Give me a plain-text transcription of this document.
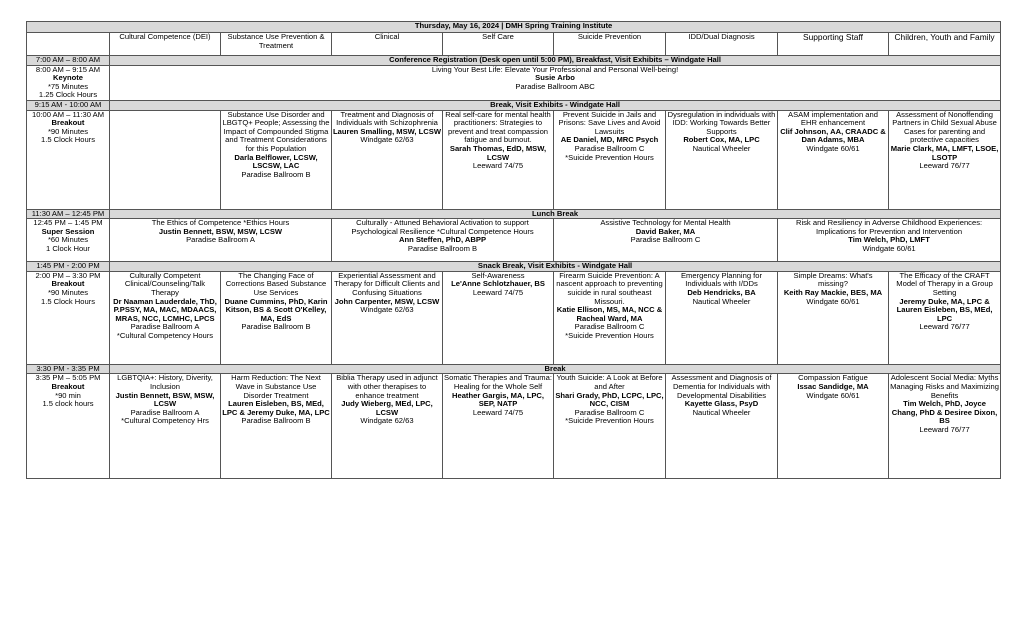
Thursday, May 16, 2024 | DMH Spring Training Institute								
	Cultural Competence (DEI)	Substance Use Prevention & Treatment	Clinical	Self Care	Suicide Prevention	IDD/Dual Diagnosis	Supporting Staff	Children, Youth and Family
7:00 AM – 8:00 AM	Conference Registration (Desk open until 5:00 PM), Breakfast, Visit Exhibits – Windgate Hall							

8:00 AM – 9:15 AM
Keynote
*75 Minutes
1.25 Clock Hours	Living Your Best Life: Elevate Your Professional and Personal Well-being!
Susie Arbo
Paradise Ballroom ABC							

9:15 AM - 10:00 AM	Break, Visit Exhibits - Windgate Hall							

10:00 AM – 11:30 AM
Breakout
*90 Minutes
1.5 Clock Hours		Substance Use Disorder and LBGTQ+ People; Assessing the Impact of Compounded Stigma and Treatment Considerations for this Population
Darla Belflower, LCSW, LSCSW, LAC
Paradise Ballroom B	Treatment and Diagnosis of Individuals with Schizophrenia
Lauren Smalling, MSW, LCSW
Windgate 62/63	Real self-care for mental health practitioners: Strategies to prevent and treat compassion fatigue and burnout.
Sarah Thomas, EdD, MSW, LCSW
Leeward 74/75	Prevent Suicide in Jails and Prisons: Save Lives and Avoid Lawsuits
AE Daniel, MD, MRC Psych
Paradise Ballroom C
*Suicide Prevention Hours	Dysregulation in individuals with IDD: Working Towards Better Supports
Robert Cox, MA, LPC
Nautical Wheeler	ASAM implementation and EHR enhancement
Clif Johnson, AA, CRAADC & Dan Adams, MBA
Windgate 60/61	Assessment of Nonoffending Partners in Child Sexual Abuse Cases for parenting and protective capacities
Marie Clark, MA, LMFT, LSOE, LSOTP
Leeward 76/77

11:30 AM – 12:45 PM	Lunch Break							

12:45 PM – 1:45 PM
Super Session
*60 Minutes
1 Clock Hour	The Ethics of Competence *Ethics Hours
Justin Bennett, BSW, MSW, LCSW
Paradise Ballroom A		Culturally - Attuned Behavioral Activation to support Psychological Resilience *Cultural Competence Hours
Ann Steffen, PhD, ABPP
Paradise Ballroom B		Assistive Technology for Mental Health
David Baker, MA
Paradise Ballroom C		Risk and Resiliency in Adverse Childhood Experiences: Implications for Prevention and Intervention
Tim Welch, PhD, LMFT
Windgate 60/61	

1:45 PM - 2:00 PM	Snack Break, Visit Exhibits - Windgate Hall							

2:00 PM – 3:30 PM
Breakout
*90 Minutes
1.5 Clock Hours	Culturally Competent Clinical/Counseling/Talk Therapy
Dr Naaman Lauderdale, ThD, P.PSSY, MA, MAC, MDAACS, MRAS, NCC, LCMHC, LPCS
Paradise Ballroom A
*Cultural Competency Hours	The Changing Face of Corrections Based Substance Use Services
Duane Cummins, PhD, Karin Kitson, BS & Scott O'Kelley, MA, EdS
Paradise Ballroom B	Experiential Assessment and Therapy for Difficult Clients and Confusing Situations
John Carpenter, MSW, LCSW
Windgate 62/63	Self-Awareness
Le'Anne Schlotzhauer, BS
Leeward 74/75	Firearm Suicide Prevention: A nascent approach to preventing suicide in rural southeast Missouri.
Katie Ellison, MS, MA, NCC & Racheal Ward, MA
Paradise Ballroom C
*Suicide Prevention Hours	Emergency Planning for Individuals with I/DDs
Deb Hendricks, BA
Nautical Wheeler	Simple Dreams: What's missing?
Keith Ray Mackie, BES, MA
Windgate 60/61	The Efficacy of the CRAFT Model of Therapy in a Group Setting
Jeremy Duke, MA, LPC & Lauren Eisleben, BS, MEd, LPC
Leeward 76/77

3:30 PM - 3:35 PM	Break							

3:35 PM – 5:05 PM
Breakout
*90 min
1.5 clock hours	LGBTQIA+: History, Diverity, Inclusion
Justin Bennett, BSW, MSW, LCSW
Paradise Ballroom A
*Cultural Competency Hrs	Harm Reduction: The Next Wave in Substance Use Disorder Treatment
Lauren Eisleben, BS, MEd, LPC & Jeremy Duke, MA, LPC
Paradise Ballroom B	Biblia Therapy used in adjunct with other therapises to enhance treatment
Judy Wieberg, MEd, LPC, LCSW
Windgate 62/63	Somatic Therapies and Trauma: Healing for the Whole Self
Heather Gargis, MA, LPC, SEP, NATP
Leeward 74/75	Youth Suicide: A Look at Before and After
Shari Grady, PhD, LCPC, LPC, NCC, CISM
Paradise Ballroom C
*Suicide Prevention Hours	Assessment and Diagnosis of Dementia for Individuals with Developmental Disabilities
Kayette Glass, PsyD
Nautical Wheeler	Compassion Fatigue
Issac Sandidge, MA
Windgate 60/61	Adolescent Social Media: Myths Managing Risks and Maximizing Benefits
Tim Welch, PhD, Joyce Chang, PhD & Desiree Dixon, BS
Leeward 76/77
